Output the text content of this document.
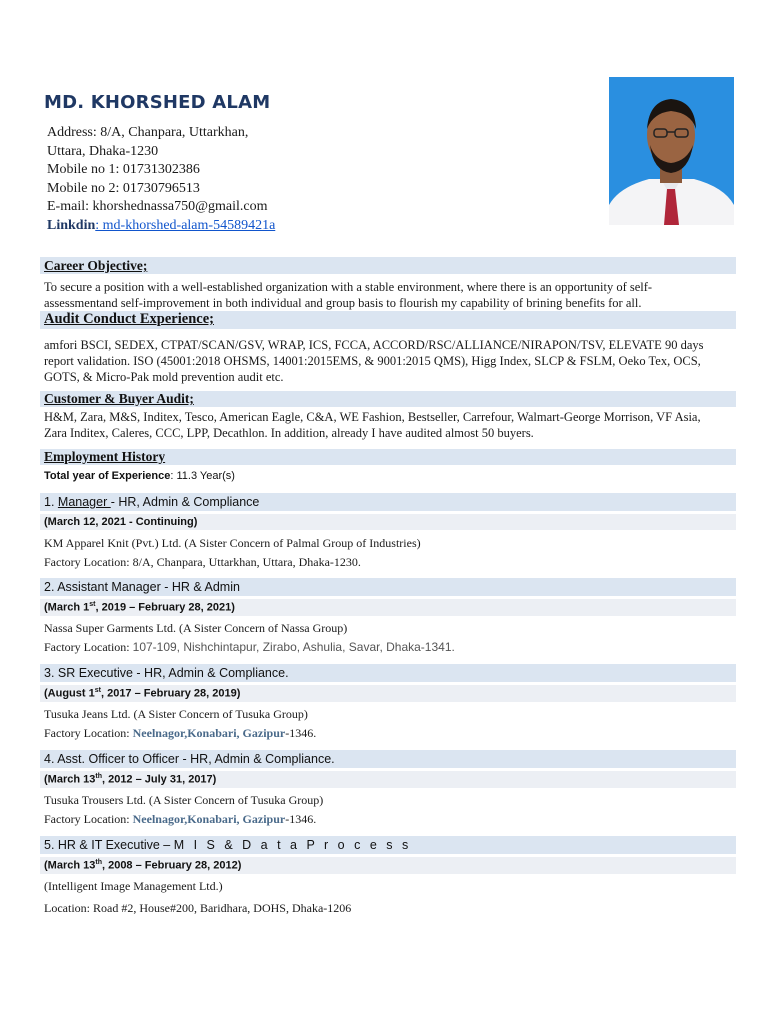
MD. KHORSHED ALAM
Address: 8/A, Chanpara, Uttarkhan,
Uttara, Dhaka-1230
Mobile no 1: 01731302386
Mobile no 2: 01730796513
E-mail: khorshednassa750@gmail.com
Linkdin: md-khorshed-alam-54589421a
Career Objective;
To secure a position with a well-established organization with a stable environment, where there is an opportunity of self-assessmentand self-improvement in both individual and group basis to flourish my capability of brining benefits for all.
Audit Conduct Experience;
amfori BSCI, SEDEX, CTPAT/SCAN/GSV, WRAP, ICS, FCCA, ACCORD/RSC/ALLIANCE/NIRAPON/TSV, ELEVATE 90 days report validation. ISO (45001:2018 OHSMS, 14001:2015EMS, & 9001:2015 QMS), Higg Index, SLCP & FSLM, Oeko Tex, OCS, GOTS, & Micro-Pak mold prevention audit etc.
Customer & Buyer Audit;
H&M, Zara, M&S, Inditex, Tesco, American Eagle, C&A, WE Fashion, Bestseller, Carrefour, Walmart-George Morrison, VF Asia, Zara Inditex, Caleres, CCC, LPP, Decathlon. In addition, already I have audited almost 50 buyers.
Employment History
Total year of Experience: 11.3 Year(s)
1. Manager - HR, Admin & Compliance
(March 12, 2021 - Continuing)
KM Apparel Knit (Pvt.) Ltd. (A Sister Concern of Palmal Group of Industries)
Factory Location: 8/A, Chanpara, Uttarkhan, Uttara, Dhaka-1230.
2. Assistant Manager - HR & Admin
(March 1st, 2019 – February 28, 2021)
Nassa Super Garments Ltd. (A Sister Concern of Nassa Group)
Factory Location: 107-109, Nishchintapur, Zirabo, Ashulia, Savar, Dhaka-1341.
3. SR Executive - HR, Admin & Compliance.
(August 1st, 2017 – February 28, 2019)
Tusuka Jeans Ltd. (A Sister Concern of Tusuka Group)
Factory Location: Neelnagor,Konabari, Gazipur-1346.
4. Asst. Officer to Officer - HR, Admin & Compliance.
(March 13th, 2012 – July 31, 2017)
Tusuka Trousers Ltd. (A Sister Concern of Tusuka Group)
Factory Location: Neelnagor,Konabari, Gazipur-1346.
5. HR & IT Executive – M I S & D a t a P r o c e s s
(March 13th, 2008 – February 28, 2012)
(Intelligent Image Management Ltd.)
Location: Road #2, House#200, Baridhara, DOHS, Dhaka-1206
